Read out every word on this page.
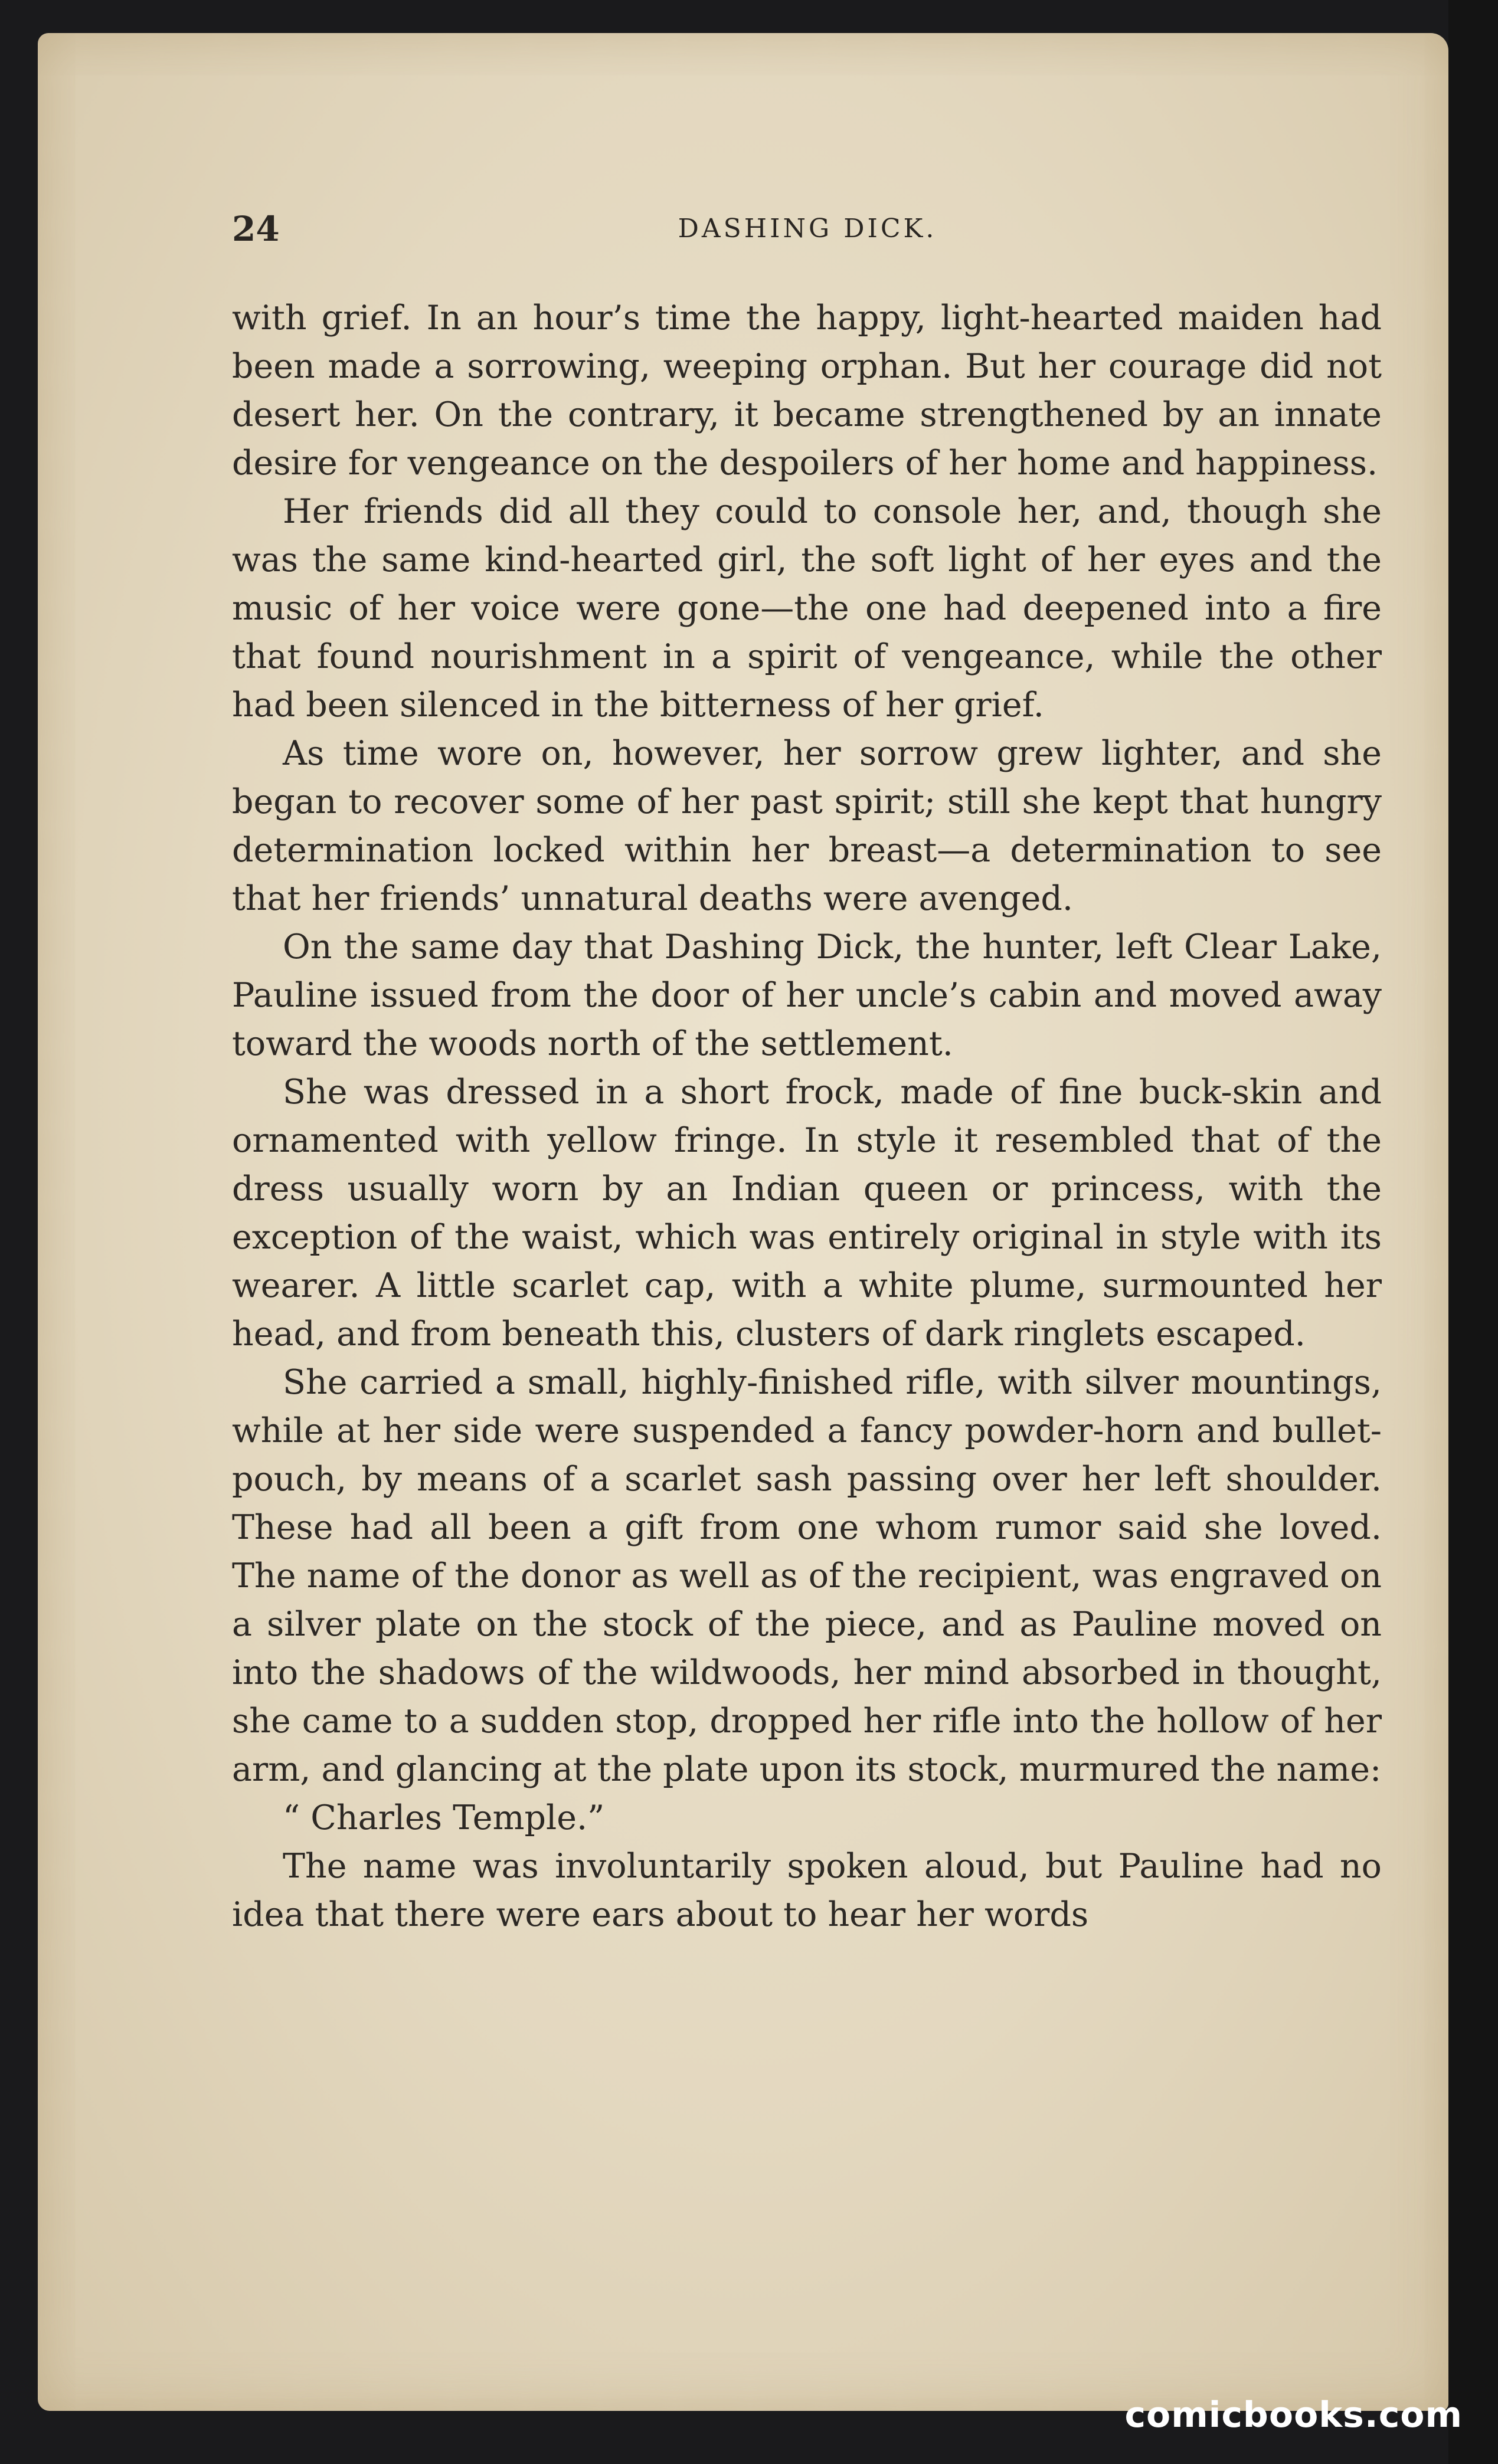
24	DASHING DICK.

with grief. In an hour’s time the happy, light-hearted maiden had been made a sorrowing, weeping orphan. But her courage did not desert her. On the contrary, it became strengthened by an innate desire for vengeance on the despoilers of her home and happiness.

Her friends did all they could to console her, and, though she was the same kind-hearted girl, the soft light of her eyes and the music of her voice were gone—the one had deepened into a fire that found nourishment in a spirit of vengeance, while the other had been silenced in the bitterness of her grief.

As time wore on, however, her sorrow grew lighter, and she began to recover some of her past spirit; still she kept that hungry determination locked within her breast—a determination to see that her friends’ unnatural deaths were avenged.

On the same day that Dashing Dick, the hunter, left Clear Lake, Pauline issued from the door of her uncle’s cabin and moved away toward the woods north of the settlement.

She was dressed in a short frock, made of fine buck-skin and ornamented with yellow fringe. In style it resembled that of the dress usually worn by an Indian queen or princess, with the exception of the waist, which was entirely original in style with its wearer. A little scarlet cap, with a white plume, surmounted her head, and from beneath this, clusters of dark ringlets escaped.

She carried a small, highly-finished rifle, with silver mountings, while at her side were suspended a fancy powder-horn and bullet-pouch, by means of a scarlet sash passing over her left shoulder. These had all been a gift from one whom rumor said she loved. The name of the donor as well as of the recipient, was engraved on a silver plate on the stock of the piece, and as Pauline moved on into the shadows of the wildwoods, her mind absorbed in thought, she came to a sudden stop, dropped her rifle into the hollow of her arm, and glancing at the plate upon its stock, murmured the name:

“ Charles Temple.”

The name was involuntarily spoken aloud, but Pauline had no idea that there were ears about to hear her words

comicbooks.com
